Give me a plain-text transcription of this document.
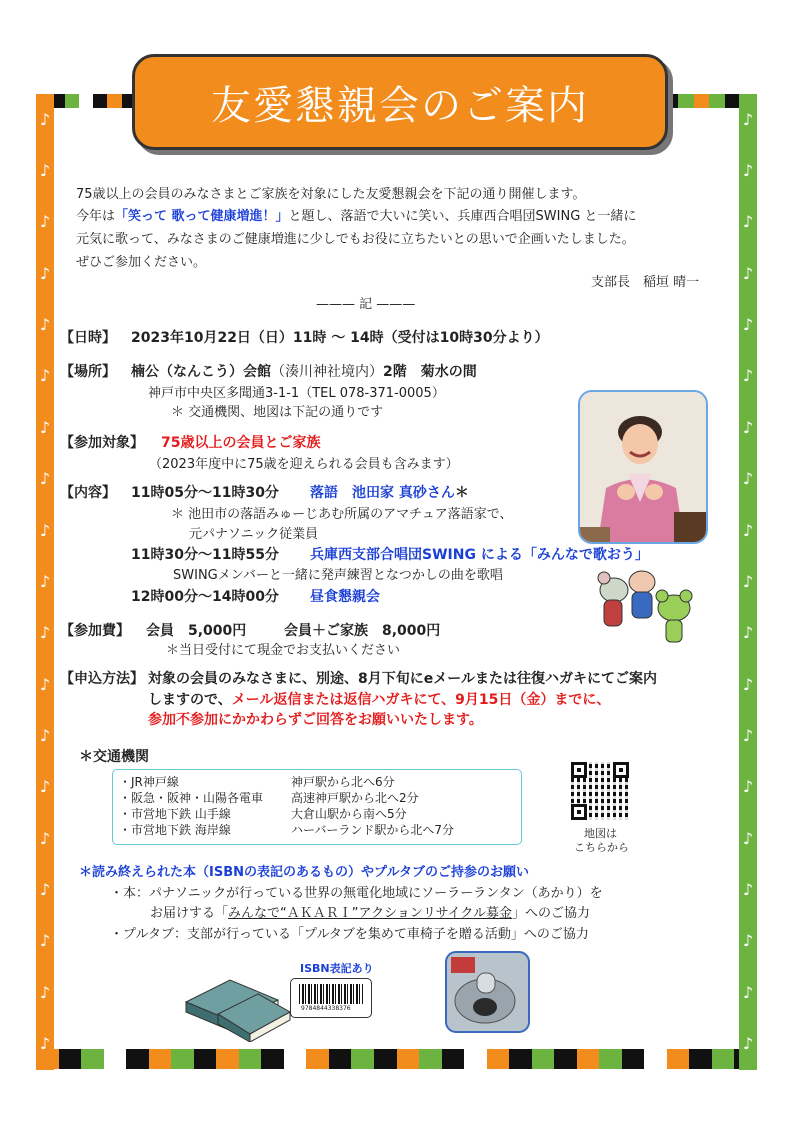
♪
♪
♪
♪
♪
♪
♪
♪
♪
♪
♪
♪
♪
♪
♪
♪
♪
♪
♪
♪
♪
♪
♪
♪
♪
♪
♪
♪
♪
♪
♪
♪
♪
♪
♪
♪
♪
♪
友愛懇親会のご案内
75歳以上の会員のみなさまとご家族を対象にした友愛懇親会を下記の通り開催します。
今年は「笑って 歌って健康増進！」と題し、落語で大いに笑い、兵庫西合唱団SWING と一緒に
元気に歌って、みなさまのご健康増進に少しでもお役に立ちたいとの思いで企画いたしました。
ぜひご参加ください。
支部長　稲垣 晴一
——— 記 ———
【日時】 2023年10月22日（日）11時 ～ 14時（受付は10時30分より）
【場所】 楠公（なんこう）会館（湊川神社境内）2階　菊水の間
神戸市中央区多聞通3-1-1（TEL 078-371-0005）
＊ 交通機関、地図は下記の通りです
【参加対象】 75歳以上の会員とご家族
（2023年度中に75歳を迎えられる会員も含みます）
【内容】 11時05分～11時30分 落語　池田家 真砂さん＊
＊ 池田市の落語みゅーじあむ所属のアマチュア落語家で、
元パナソニック従業員
11時30分～11時55分 兵庫西支部合唱団SWING による「みんなで歌おう」
SWINGメンバーと一緒に発声練習となつかしの曲を歌唱
12時00分～14時00分 昼食懇親会
【参加費】 会員　5,000円	会員＋ご家族　8,000円
＊当日受付にて現金でお支払いください
【申込方法】 対象の会員のみなさまに、別途、8月下旬にeメールまたは往復ハガキにてご案内
しますので、メール返信または返信ハガキにて、9月15日（金）までに、
参加不参加にかかわらずご回答をお願いいたします。
＊交通機関
・JR神戸線	神戸駅から北へ6分
・阪急・阪神・山陽各電車 高速神戸駅から北へ2分
・市営地下鉄 山手線	大倉山駅から南へ5分
・市営地下鉄 海岸線	ハーバーランド駅から北へ7分	地図は
こちらから
＊読み終えられた本（ISBNの表記のあるもの）やプルタブのご持参のお願い
・本：パナソニックが行っている世界の無電化地域にソーラーランタン（あかり）を
お届けする「みんなで“ＡＫＡＲＩ”アクションリサイクル募金」へのご協力
・プルタブ：支部が行っている「プルタブを集めて車椅子を贈る活動」へのご協力
ISBN表記あり
9784844338376
